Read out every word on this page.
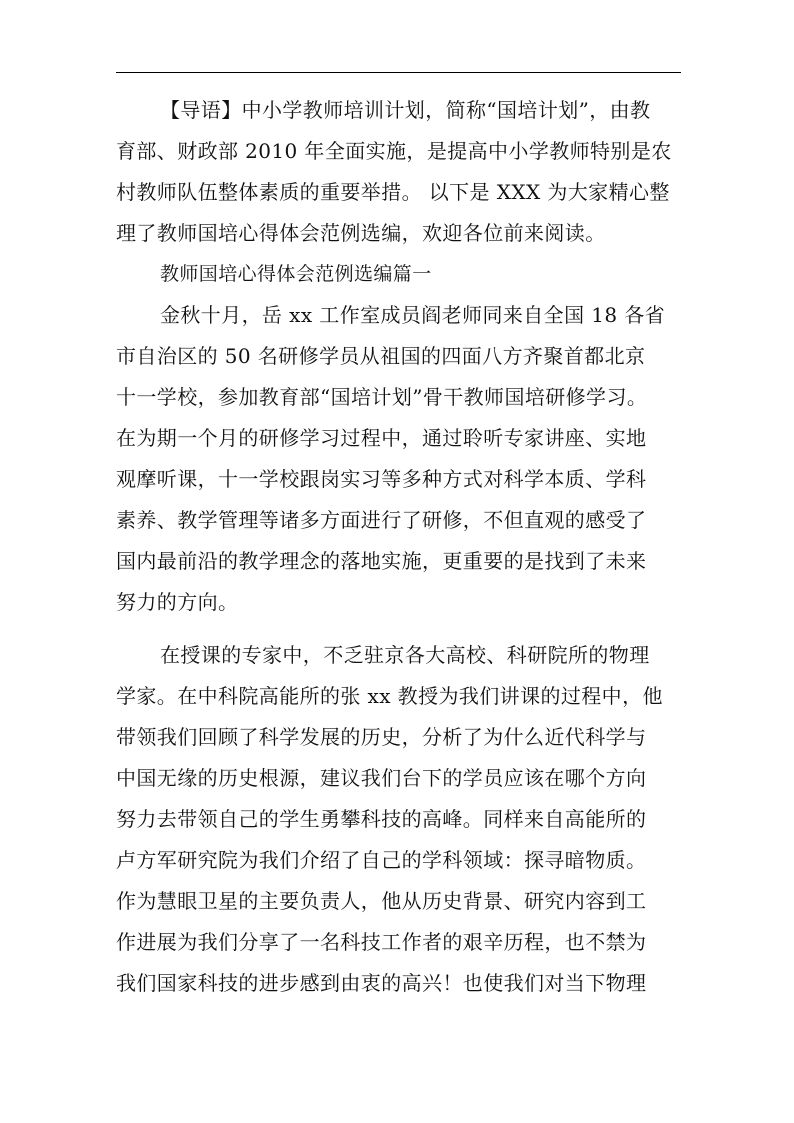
【导语】中小学教师培训计划，简称“国培计划”，由教
育部、财政部 2010 年全面实施，是提高中小学教师特别是农
村教师队伍整体素质的重要举措。 以下是 XXX 为大家精心整
理了教师国培心得体会范例选编，欢迎各位前来阅读。
教师国培心得体会范例选编篇一
金秋十月，岳 xx 工作室成员阎老师同来自全国 18 各省
市自治区的 50 名研修学员从祖国的四面八方齐聚首都北京
十一学校，参加教育部“国培计划”骨干教师国培研修学习。
在为期一个月的研修学习过程中，通过聆听专家讲座、实地
观摩听课，十一学校跟岗实习等多种方式对科学本质、学科
素养、教学管理等诸多方面进行了研修，不但直观的感受了
国内最前沿的教学理念的落地实施，更重要的是找到了未来
努力的方向。
在授课的专家中，不乏驻京各大高校、科研院所的物理
学家。在中科院高能所的张 xx 教授为我们讲课的过程中，他
带领我们回顾了科学发展的历史，分析了为什么近代科学与
中国无缘的历史根源，建议我们台下的学员应该在哪个方向
努力去带领自己的学生勇攀科技的高峰。同样来自高能所的
卢方军研究院为我们介绍了自己的学科领域：探寻暗物质。
作为慧眼卫星的主要负责人，他从历史背景、研究内容到工
作进展为我们分享了一名科技工作者的艰辛历程，也不禁为
我们国家科技的进步感到由衷的高兴！也使我们对当下物理
